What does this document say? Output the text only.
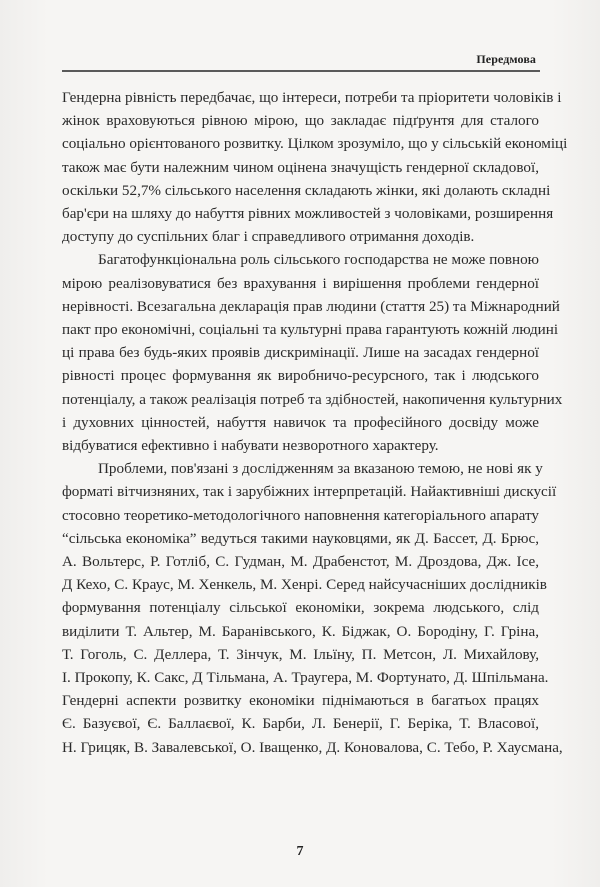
Передмова
Гендерна рівність передбачає, що інтереси, потреби та пріоритети чоловіків і
жінок враховуються рівною мірою, що закладає підґрунтя для сталого
соціально орієнтованого розвитку. Цілком зрозуміло, що у сільській економіці
також має бути належним чином оцінена значущість гендерної складової,
оскільки 52,7% сільського населення складають жінки, які долають складні
бар'єри на шляху до набуття рівних можливостей з чоловіками, розширення
доступу до суспільних благ і справедливого отримання доходів.
Багатофункціональна роль сільського господарства не може повною
мірою реалізовуватися без врахування і вирішення проблеми гендерної
нерівності. Всезагальна декларація прав людини (стаття 25) та Міжнародний
пакт про економічні, соціальні та культурні права гарантують кожній людині
ці права без будь-яких проявів дискримінації. Лише на засадах гендерної
рівності процес формування як виробничо-ресурсного, так і людського
потенціалу, а також реалізація потреб та здібностей, накопичення культурних
і духовних цінностей, набуття навичок та професійного досвіду може
відбуватися ефективно і набувати незворотного характеру.
Проблеми, пов'язані з дослідженням за вказаною темою, не нові як у
форматі вітчизняних, так і зарубіжних інтерпретацій. Найактивніші дискусії
стосовно теоретико-методологічного наповнення категоріального апарату
“сільська економіка” ведуться такими науковцями, як Д. Бассет, Д. Брюс,
А. Вольтерс, Р. Готліб, С. Гудман, М. Драбенстот, М. Дроздова, Дж. Ісе,
Д Кехо, С. Краус, М. Хенкель, М. Хенрі. Серед найсучасніших дослідників
формування потенціалу сільської економіки, зокрема людського, слід
виділити Т. Альтер, М. Баранівського, К. Біджак, О. Бородіну, Г. Гріна,
Т. Гоголь, С. Деллера, Т. Зінчук, М. Ільїну, П. Метсон, Л. Михайлову,
І. Прокопу, К. Сакс, Д Тільмана, А. Траугера, М. Фортунато, Д. Шпільмана.
Гендерні аспекти розвитку економіки піднімаються в багатьох працях
Є. Базуєвої, Є. Баллаєвої, К. Барби, Л. Бенерії, Г. Беріка, Т. Власової,
Н. Грицяк, В. Завалевської, О. Іващенко, Д. Коновалова, С. Тебо, Р. Хаусмана,
7
